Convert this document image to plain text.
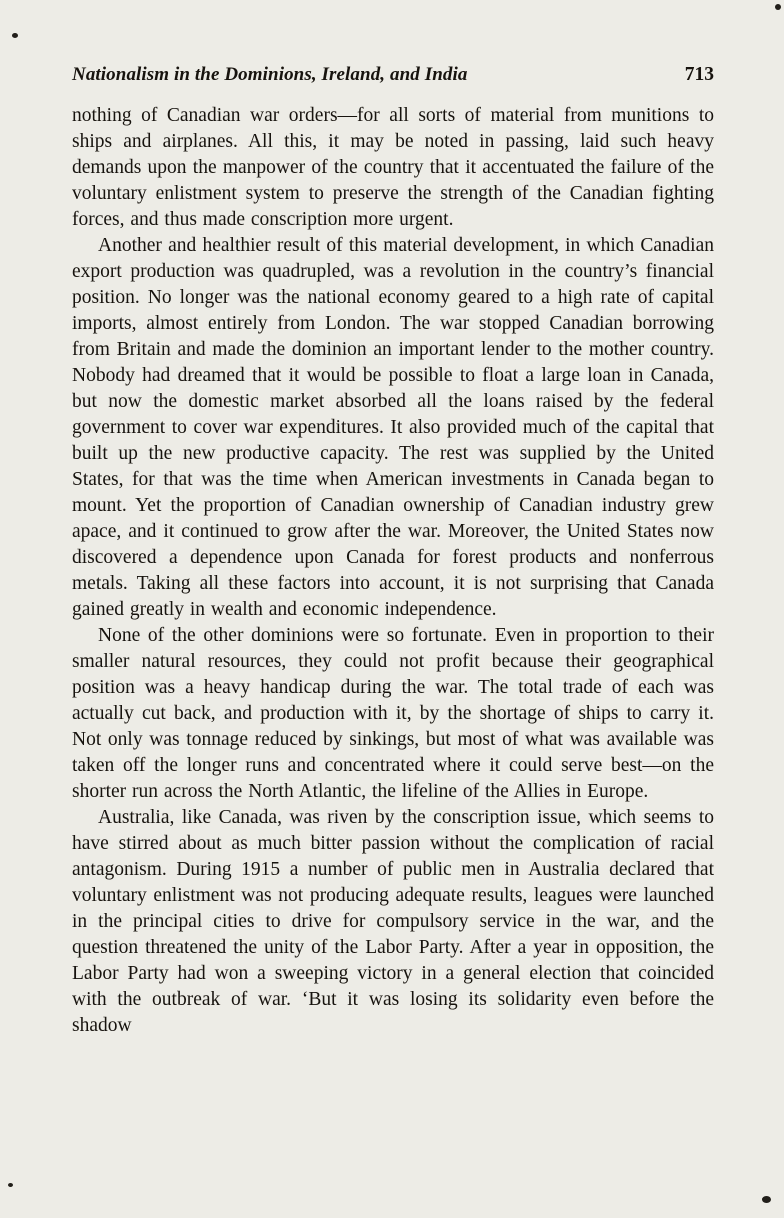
Nationalism in the Dominions, Ireland, and India	713

nothing of Canadian war orders—for all sorts of material from munitions to ships and airplanes. All this, it may be noted in passing, laid such heavy demands upon the manpower of the country that it accentuated the failure of the voluntary enlistment system to preserve the strength of the Canadian fighting forces, and thus made conscription more urgent.

Another and healthier result of this material development, in which Canadian export production was quadrupled, was a revolution in the country’s financial position. No longer was the national economy geared to a high rate of capital imports, almost entirely from London. The war stopped Canadian borrowing from Britain and made the dominion an important lender to the mother country. Nobody had dreamed that it would be possible to float a large loan in Canada, but now the domestic market absorbed all the loans raised by the federal government to cover war expenditures. It also provided much of the capital that built up the new productive capacity. The rest was supplied by the United States, for that was the time when American investments in Canada began to mount. Yet the proportion of Canadian ownership of Canadian industry grew apace, and it continued to grow after the war. Moreover, the United States now discovered a dependence upon Canada for forest products and nonferrous metals. Taking all these factors into account, it is not surprising that Canada gained greatly in wealth and economic independence.

None of the other dominions were so fortunate. Even in proportion to their smaller natural resources, they could not profit because their geographical position was a heavy handicap during the war. The total trade of each was actually cut back, and production with it, by the shortage of ships to carry it. Not only was tonnage reduced by sinkings, but most of what was available was taken off the longer runs and concentrated where it could serve best—on the shorter run across the North Atlantic, the lifeline of the Allies in Europe.

Australia, like Canada, was riven by the conscription issue, which seems to have stirred about as much bitter passion without the complication of racial antagonism. During 1915 a number of public men in Australia declared that voluntary enlistment was not producing adequate results, leagues were launched in the principal cities to drive for compulsory service in the war, and the question threatened the unity of the Labor Party. After a year in opposition, the Labor Party had won a sweeping victory in a general election that coincided with the outbreak of war. ‘But it was losing its solidarity even before the shadow
